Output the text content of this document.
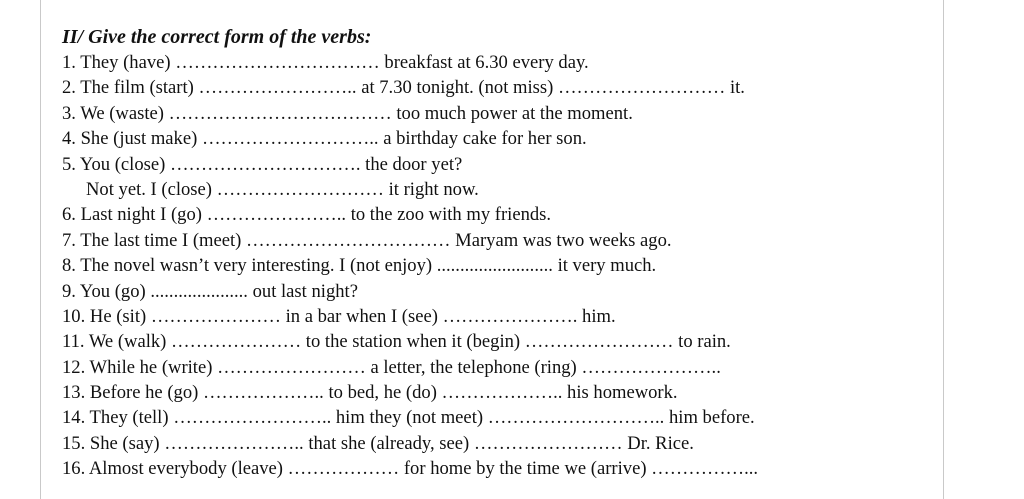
II/ Give the correct form of the verbs:
1. They (have) …………………………… breakfast at 6.30 every day.
2. The film (start) …………………….. at 7.30 tonight. (not miss) ……………………… it.
3. We (waste) ……………………………… too much power at the moment.
4. She (just make) ……………………….. a birthday cake for her son.
5. You (close) …………………………. the door yet?
Not yet. I (close) ……………………… it right now.
6. Last night I (go) ………………….. to the zoo with my friends.
7. The last time I (meet) …………………………… Maryam was two weeks ago.
8. The novel wasn’t very interesting. I (not enjoy) ......................... it very much.
9. You (go) ..................... out last night?
10. He (sit) ………………… in a bar when I (see) …………………. him.
11. We (walk) ………………… to the station when it (begin) …………………… to rain.
12. While he (write) …………………… a letter, the telephone (ring) …………………..
13. Before he (go) ……………….. to bed, he (do) ……………….. his homework.
14. They (tell) …………………….. him they (not meet) ……………………….. him before.
15. She (say) ………………….. that she (already, see) …………………… Dr. Rice.
16. Almost everybody (leave) ……………… for home by the time we (arrive) ……………...
